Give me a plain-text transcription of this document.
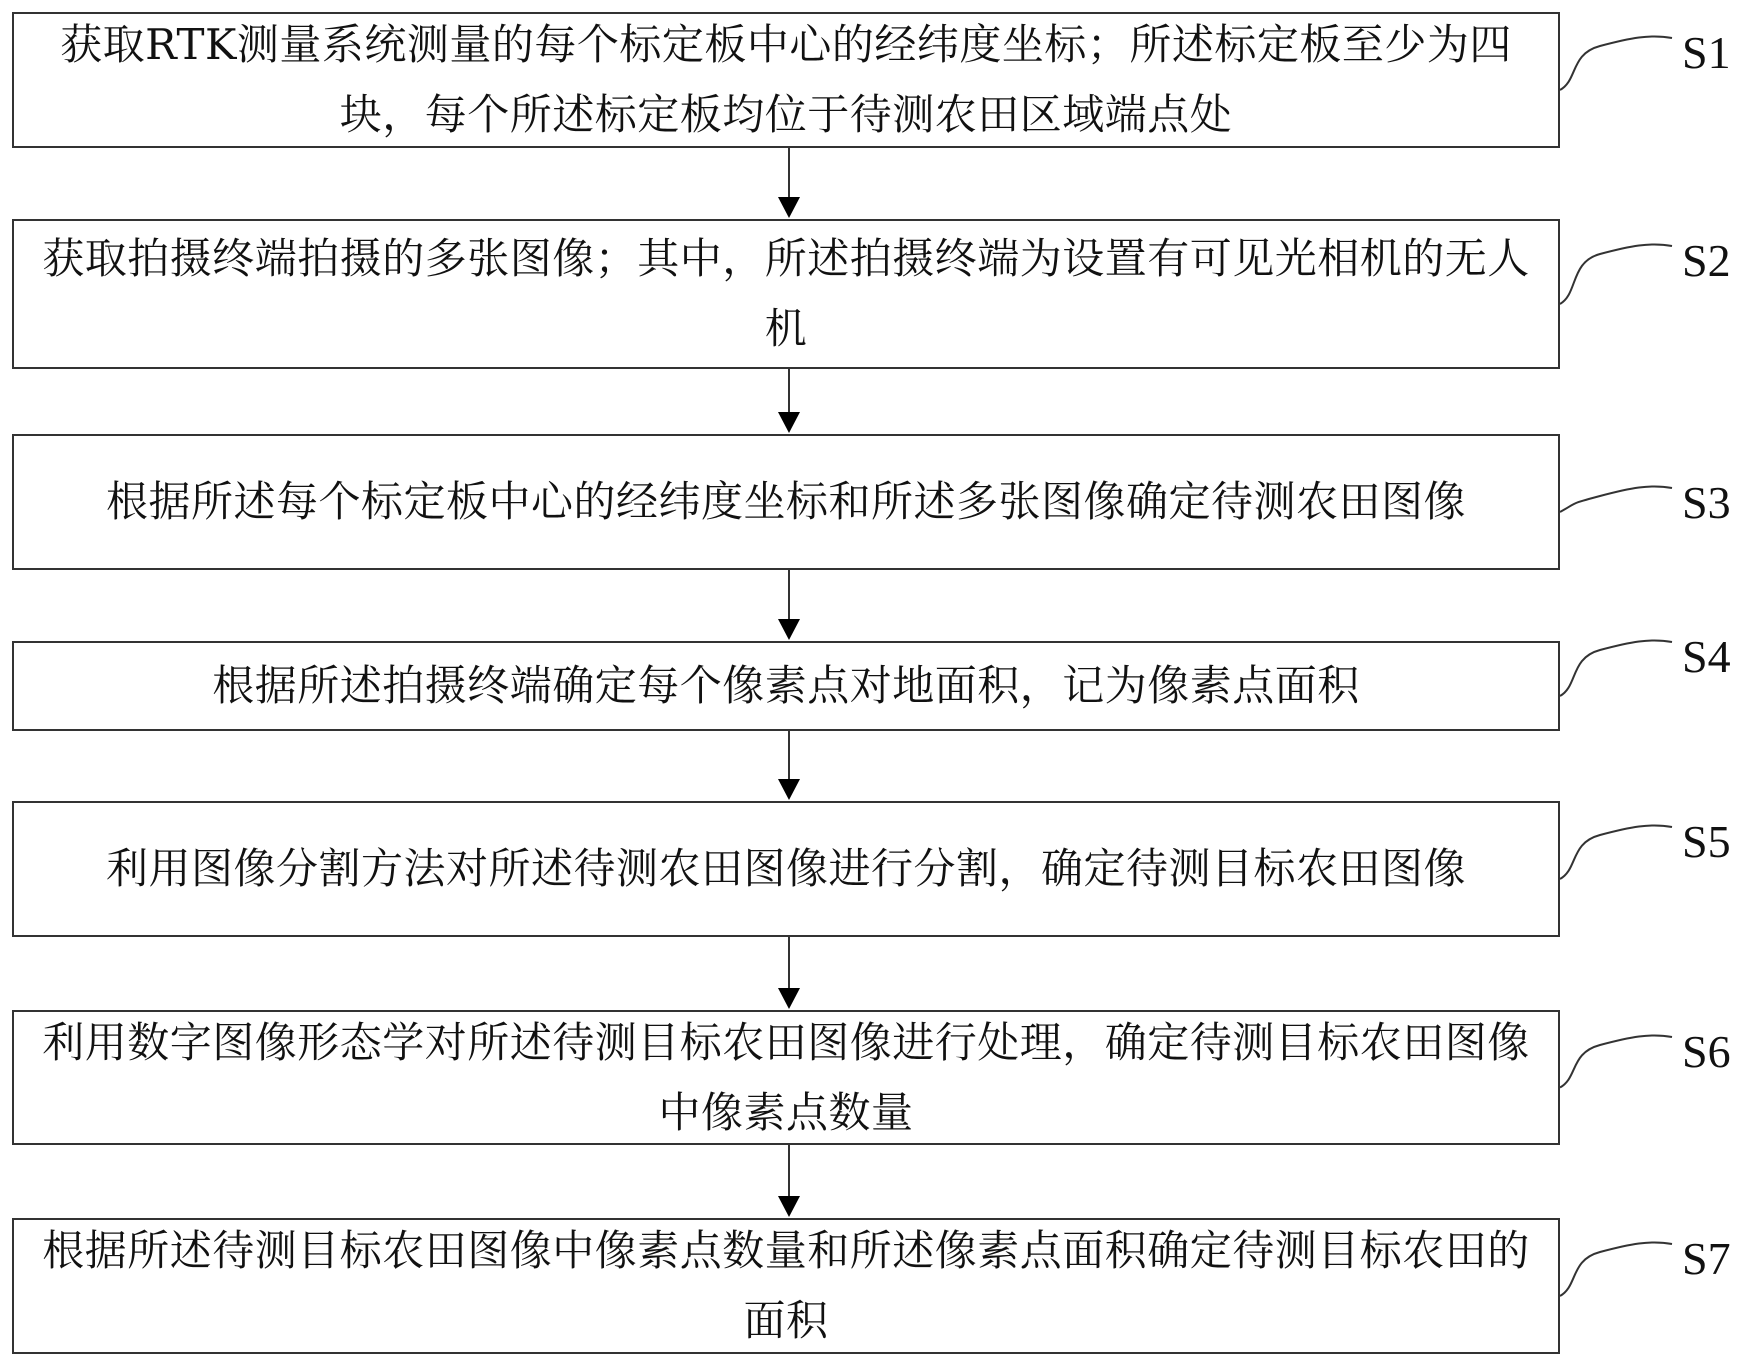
获取RTK测量系统测量的每个标定板中心的经纬度坐标；所述标定板至少为四块，每个所述标定板均位于待测农田区域端点处
S1
获取拍摄终端拍摄的多张图像；其中，所述拍摄终端为设置有可见光相机的无人机
S2
根据所述每个标定板中心的经纬度坐标和所述多张图像确定待测农田图像	S3
根据所述拍摄终端确定每个像素点对地面积，记为像素点面积
S4
利用图像分割方法对所述待测农田图像进行分割，确定待测目标农田图像
S5
利用数字图像形态学对所述待测目标农田图像进行处理，确定待测目标农田图像中像素点数量
S6
根据所述待测目标农田图像中像素点数量和所述像素点面积确定待测目标农田的面积
S7
